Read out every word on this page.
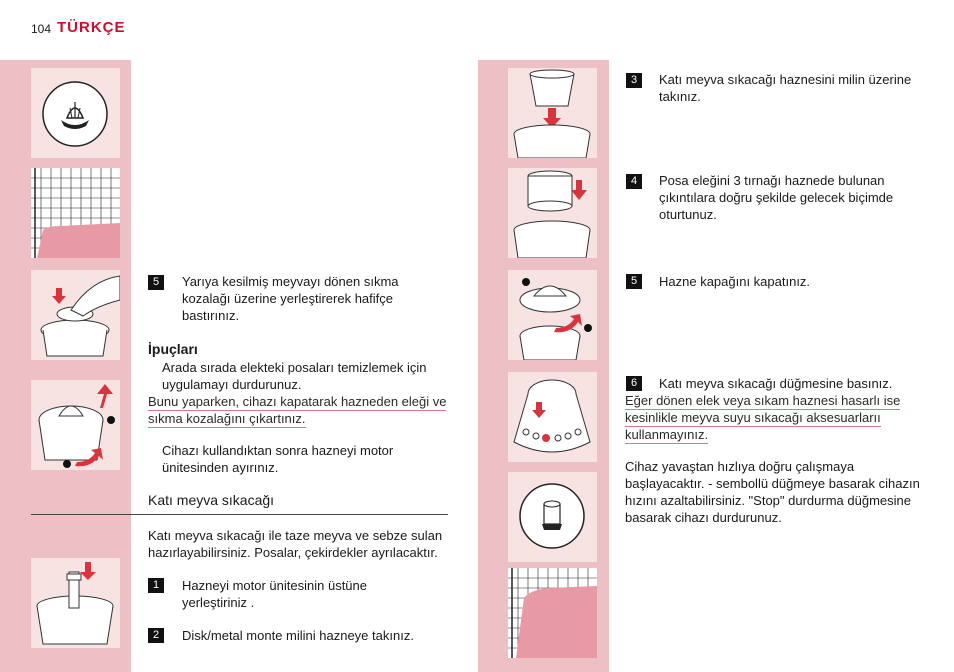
104 TÜRKÇE
5	Yarıya kesilmiş meyvayı dönen sıkma kozalağı üzerine yerleştirerek hafifçe bastırınız.
İpuçları
Arada sırada elekteki posaları temizlemek için uygulamayı durdurunuz.
Bunu yaparken, cihazı kapatarak hazneden eleği ve sıkma kozalağını çıkartınız.
Cihazı kullandıktan sonra hazneyi motor ünitesinden ayırınız.
Katı meyva sıkacağı
Katı meyva sıkacağı ile taze meyva ve sebze sulan hazırlayabilirsiniz. Posalar, çekirdekler ayrılacaktır.
1	Hazneyi motor ünitesinin üstüne yerleştiriniz .
2	Disk/metal monte milini hazneye takınız.
3	Katı meyva sıkacağı haznesini milin üzerine takınız.
4	Posa eleğini 3 tırnağı haznede bulunan çıkıntılara doğru şekilde gelecek biçimde oturtunuz.
5	Hazne kapağını kapatınız.
6	Katı meyva sıkacağı düğmesine basınız.
Eğer dönen elek veya sıkam haznesi hasarlı ise kesinlikle meyva suyu sıkacağı aksesuarlarıı kullanmayınız.
Cihaz yavaştan hızlıya doğru çalışmaya başlayacaktır. - sembollü düğmeye basarak cihazın hızını azaltabilirsiniz. "Stop" durdurma düğmesine basarak cihazı durdurunuz.
